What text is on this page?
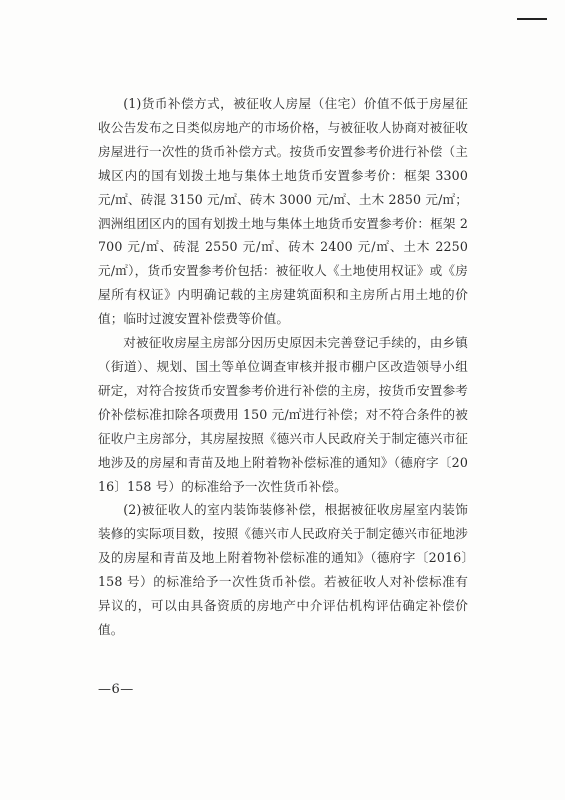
(1)货币补偿方式，被征收人房屋（住宅）价值不低于房屋征收公告发布之日类似房地产的市场价格，与被征收人协商对被征收房屋进行一次性的货币补偿方式。按货币安置参考价进行补偿（主城区内的国有划拨土地与集体土地货币安置参考价：框架 3300 元/㎡、砖混 3150 元/㎡、砖木 3000 元/㎡、土木 2850 元/㎡；泗洲组团区内的国有划拨土地与集体土地货币安置参考价：框架 2700 元/㎡、砖混 2550 元/㎡、砖木 2400 元/㎡、土木 2250 元/㎡），货币安置参考价包括：被征收人《土地使用权证》或《房屋所有权证》内明确记载的主房建筑面积和主房所占用土地的价值；临时过渡安置补偿费等价值。

对被征收房屋主房部分因历史原因未完善登记手续的，由乡镇（街道）、规划、国土等单位调查审核并报市棚户区改造领导小组研定，对符合按货币安置参考价进行补偿的主房，按货币安置参考价补偿标准扣除各项费用 150 元/㎡进行补偿；对不符合条件的被征收户主房部分，其房屋按照《德兴市人民政府关于制定德兴市征地涉及的房屋和青苗及地上附着物补偿标准的通知》（德府字〔2016〕158 号）的标准给予一次性货币补偿。

(2)被征收人的室内装饰装修补偿，根据被征收房屋室内装饰装修的实际项目数，按照《德兴市人民政府关于制定德兴市征地涉及的房屋和青苗及地上附着物补偿标准的通知》（德府字〔2016〕158 号）的标准给予一次性货币补偿。若被征收人对补偿标准有异议的，可以由具备资质的房地产中介评估机构评估确定补偿价值。

—6—
